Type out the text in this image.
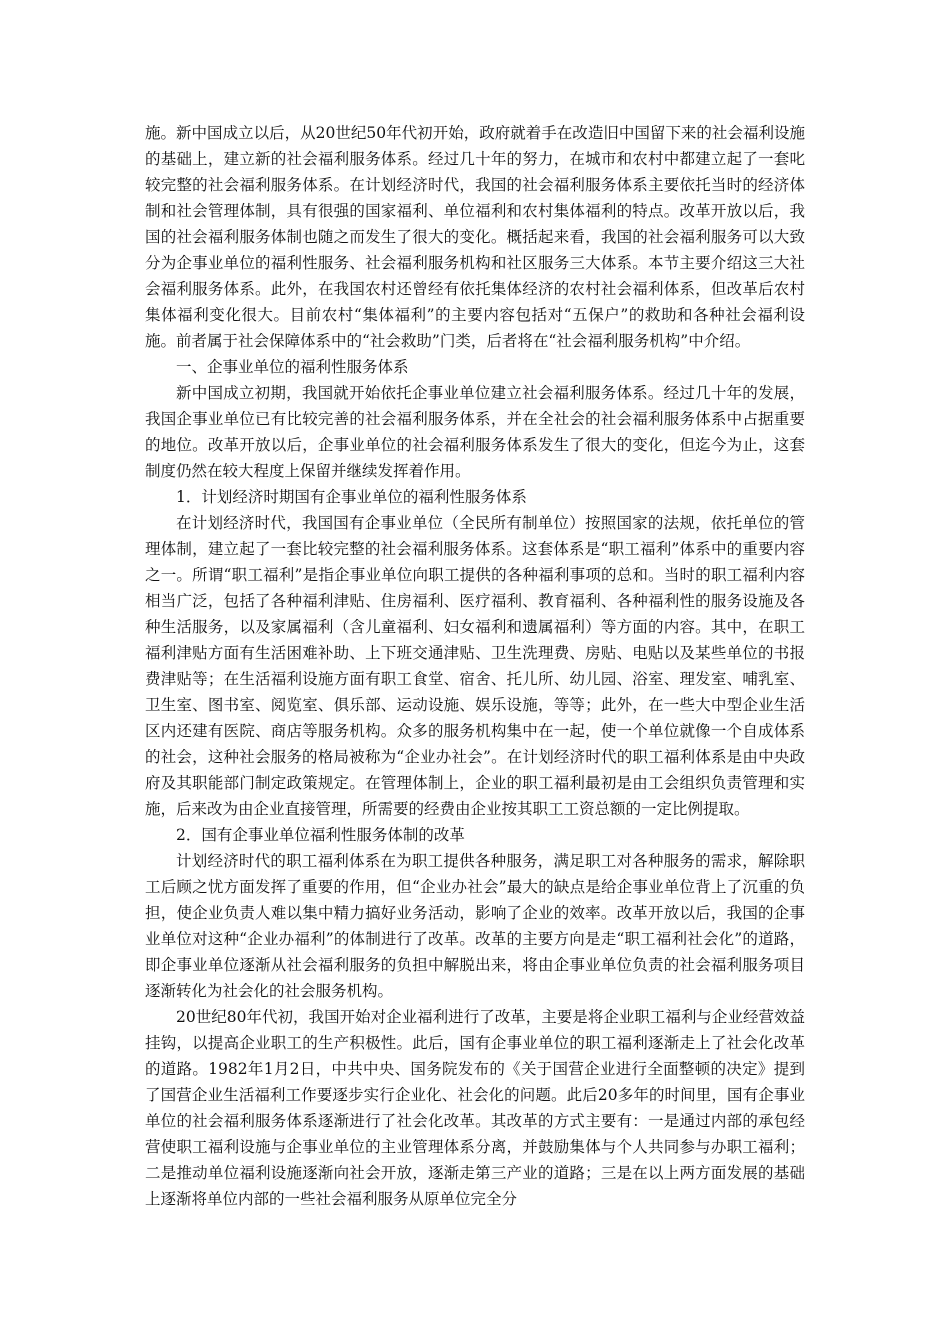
施。新中国成立以后，从20世纪50年代初开始，政府就着手在改造旧中国留下来的社会福利设施的基础上，建立新的社会福利服务体系。经过几十年的努力，在城市和农村中都建立起了一套叱较完整的社会福利服务体系。在计划经济时代，我国的社会福利服务体系主要依托当时的经济体制和社会管理体制，具有很强的国家福利、单位福利和农村集体福利的特点。改革开放以后，我国的社会福利服务体制也随之而发生了很大的变化。概括起来看，我国的社会福利服务可以大致分为企事业单位的福利性服务、社会福利服务机构和社区服务三大体系。本节主要介绍这三大社会福利服务体系。此外，在我国农村还曾经有依托集体经济的农村社会福利体系，但改革后农村集体福利变化很大。目前农村“集体福利”的主要内容包括对“五保户”的救助和各种社会福利设施。前者属于社会保障体系中的“社会救助”门类，后者将在“社会福利服务机构”中介绍。

一、企事业单位的福利性服务体系

新中国成立初期，我国就开始依托企事业单位建立社会福利服务体系。经过几十年的发展，我国企事业单位已有比较完善的社会福利服务体系，并在全社会的社会福利服务体系中占据重要的地位。改革开放以后，企事业单位的社会福利服务体系发生了很大的变化，但迄今为止，这套制度仍然在较大程度上保留并继续发挥着作用。

1．计划经济时期国有企事业单位的福利性服务体系

在计划经济时代，我国国有企事业单位（全民所有制单位）按照国家的法规，依托单位的管理体制，建立起了一套比较完整的社会福利服务体系。这套体系是“职工福利”体系中的重要内容之一。所谓“职工福利”是指企事业单位向职工提供的各种福利事项的总和。当时的职工福利内容相当广泛，包括了各种福利津贴、住房福利、医疗福利、教育福利、各种福利性的服务设施及各种生活服务，以及家属福利（含儿童福利、妇女福利和遗属福利）等方面的内容。其中，在职工福利津贴方面有生活困难补助、上下班交通津贴、卫生洗理费、房贴、电贴以及某些单位的书报费津贴等；在生活福利设施方面有职工食堂、宿舍、托儿所、幼儿园、浴室、理发室、哺乳室、卫生室、图书室、阅览室、俱乐部、运动设施、娱乐设施，等等；此外，在一些大中型企业生活区内还建有医院、商店等服务机构。众多的服务机构集中在一起，使一个单位就像一个自成体系的社会，这种社会服务的格局被称为“企业办社会”。在计划经济时代的职工福利体系是由中央政府及其职能部门制定政策规定。在管理体制上，企业的职工福利最初是由工会组织负责管理和实施，后来改为由企业直接管理，所需要的经费由企业按其职工工资总额的一定比例提取。

2．国有企事业单位福利性服务体制的改革

计划经济时代的职工福利体系在为职工提供各种服务，满足职工对各种服务的需求，解除职工后顾之忧方面发挥了重要的作用，但“企业办社会”最大的缺点是给企事业单位背上了沉重的负担，使企业负责人难以集中精力搞好业务活动，影响了企业的效率。改革开放以后，我国的企事业单位对这种“企业办福利”的体制进行了改革。改革的主要方向是走“职工福利社会化”的道路，即企事业单位逐渐从社会福利服务的负担中解脱出来，将由企事业单位负责的社会福利服务项目逐渐转化为社会化的社会服务机构。

20世纪80年代初，我国开始对企业福利进行了改革，主要是将企业职工福利与企业经营效益挂钩，以提高企业职工的生产积极性。此后，国有企事业单位的职工福利逐渐走上了社会化改革的道路。1982年1月2日，中共中央、国务院发布的《关于国营企业进行全面整顿的决定》提到了国营企业生活福利工作要逐步实行企业化、社会化的问题。此后20多年的时间里，国有企事业单位的社会福利服务体系逐渐进行了社会化改革。其改革的方式主要有：一是通过内部的承包经营使职工福利设施与企事业单位的主业管理体系分离，并鼓励集体与个人共同参与办职工福利；二是推动单位福利设施逐渐向社会开放，逐渐走第三产业的道路；三是在以上两方面发展的基础上逐渐将单位内部的一些社会福利服务从原单位完全分
